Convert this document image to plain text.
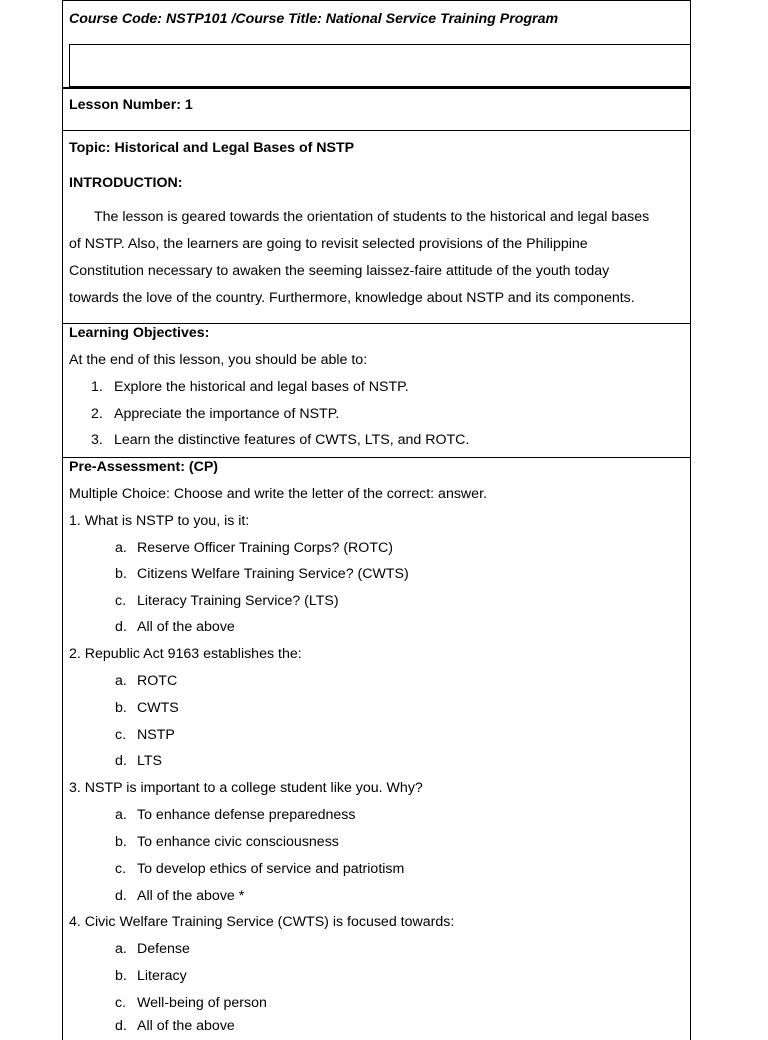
Course Code: NSTP101 /Course Title: National Service Training Program
Lesson Number: 1
Topic: Historical and Legal Bases of NSTP
INTRODUCTION:
The lesson is geared towards the orientation of students to the historical and legal bases
of NSTP. Also, the learners are going to revisit selected provisions of the Philippine
Constitution necessary to awaken the seeming laissez-faire attitude of the youth today
towards the love of the country. Furthermore, knowledge about NSTP and its components.
Learning Objectives:
At the end of this lesson, you should be able to:
1. Explore the historical and legal bases of NSTP.
2. Appreciate the importance of NSTP.
3. Learn the distinctive features of CWTS, LTS, and ROTC.
Pre-Assessment: (CP)
Multiple Choice: Choose and write the letter of the correct: answer.
1. What is NSTP to you, is it:
a. Reserve Officer Training Corps? (ROTC)
b. Citizens Welfare Training Service? (CWTS)
c. Literacy Training Service? (LTS)
d. All of the above
2. Republic Act 9163 establishes the:
a. ROTC
b. CWTS
c. NSTP
d. LTS
3. NSTP is important to a college student like you. Why?
a. To enhance defense preparedness
b. To enhance civic consciousness
c. To develop ethics of service and patriotism
d. All of the above *
4. Civic Welfare Training Service (CWTS) is focused towards:
a. Defense
b. Literacy
c. Well-being of person
d. All of the above
